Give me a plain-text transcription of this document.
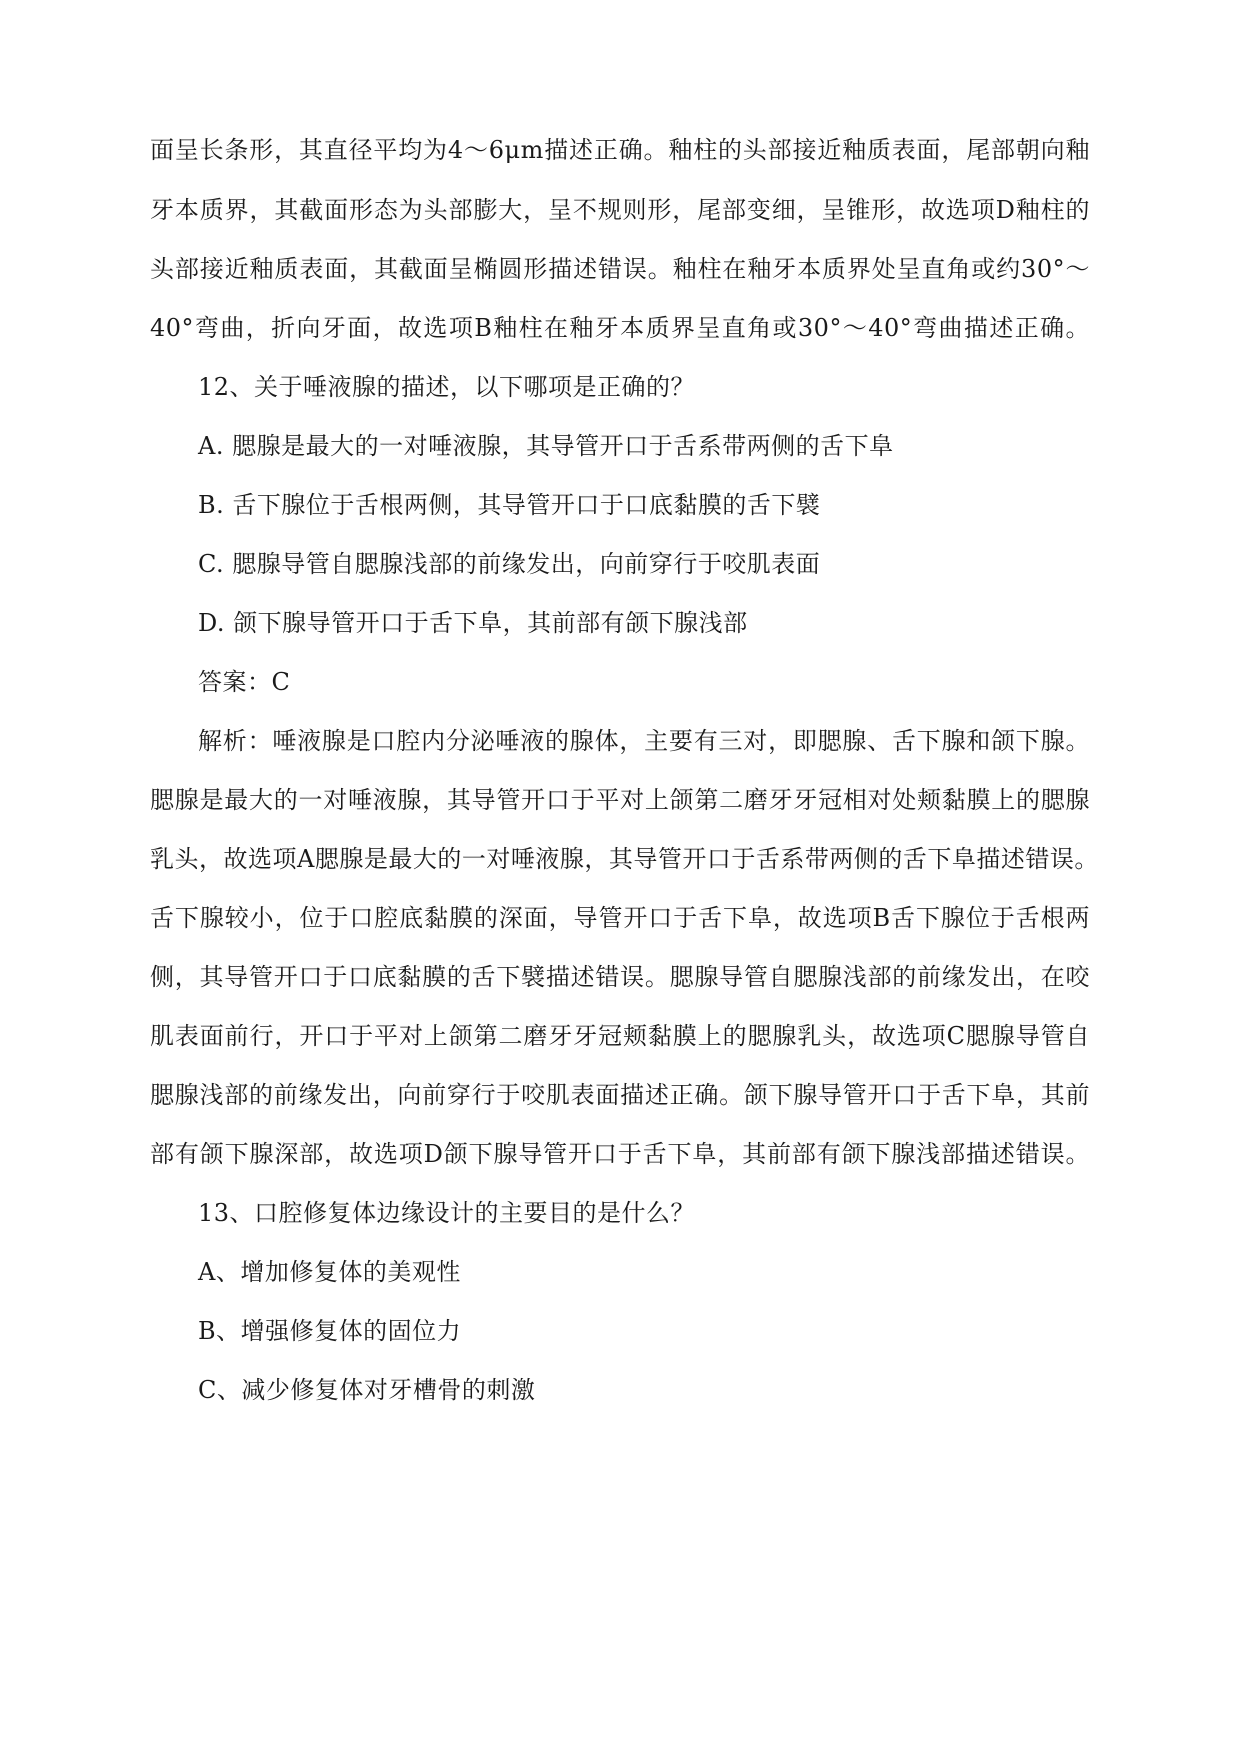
面呈长条形，其直径平均为4～6μm描述正确。釉柱的头部接近釉质表面，尾部朝向釉
牙本质界，其截面形态为头部膨大，呈不规则形，尾部变细，呈锥形，故选项D釉柱的
头部接近釉质表面，其截面呈椭圆形描述错误。釉柱在釉牙本质界处呈直角或约30°～
40°弯曲，折向牙面，故选项B釉柱在釉牙本质界呈直角或30°～40°弯曲描述正确。
12、关于唾液腺的描述，以下哪项是正确的？
A. 腮腺是最大的一对唾液腺，其导管开口于舌系带两侧的舌下阜
B. 舌下腺位于舌根两侧，其导管开口于口底黏膜的舌下襞
C. 腮腺导管自腮腺浅部的前缘发出，向前穿行于咬肌表面
D. 颌下腺导管开口于舌下阜，其前部有颌下腺浅部
答案：C
解析：唾液腺是口腔内分泌唾液的腺体，主要有三对，即腮腺、舌下腺和颌下腺。
腮腺是最大的一对唾液腺，其导管开口于平对上颌第二磨牙牙冠相对处颊黏膜上的腮腺
乳头，故选项A腮腺是最大的一对唾液腺，其导管开口于舌系带两侧的舌下阜描述错误。
舌下腺较小，位于口腔底黏膜的深面，导管开口于舌下阜，故选项B舌下腺位于舌根两
侧，其导管开口于口底黏膜的舌下襞描述错误。腮腺导管自腮腺浅部的前缘发出，在咬
肌表面前行，开口于平对上颌第二磨牙牙冠颊黏膜上的腮腺乳头，故选项C腮腺导管自
腮腺浅部的前缘发出，向前穿行于咬肌表面描述正确。颌下腺导管开口于舌下阜，其前
部有颌下腺深部，故选项D颌下腺导管开口于舌下阜，其前部有颌下腺浅部描述错误。
13、口腔修复体边缘设计的主要目的是什么？
A、增加修复体的美观性
B、增强修复体的固位力
C、减少修复体对牙槽骨的刺激
